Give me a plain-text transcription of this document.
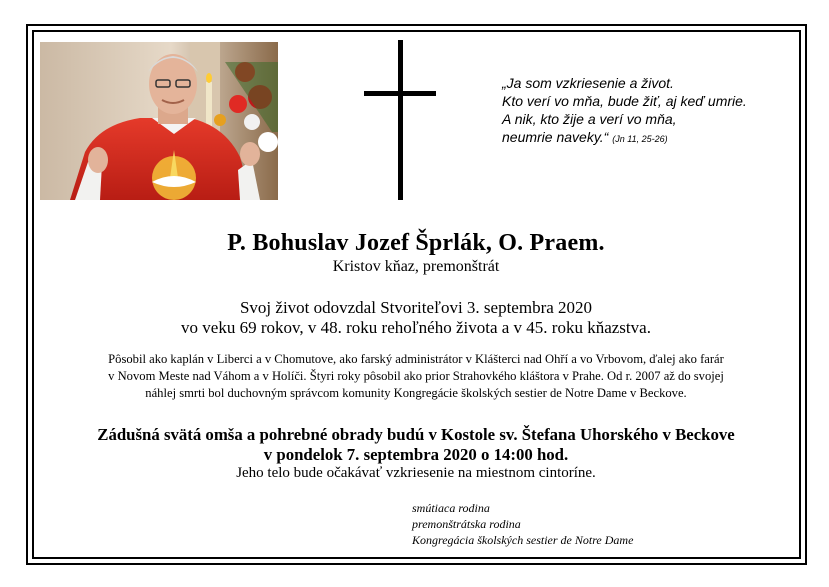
„Ja som vzkriesenie a život.
Kto verí vo mňa, bude žiť, aj keď umrie.
A nik, kto žije a verí vo mňa,
neumrie naveky.“ (Jn 11, 25-26)
P. Bohuslav Jozef Šprlák, O. Praem.
Kristov kňaz, premonštrát
Svoj život odovzdal Stvoriteľovi 3. septembra 2020
vo veku 69 rokov, v 48. roku rehoľného života a v 45. roku kňazstva.
Pôsobil ako kaplán v Liberci a v Chomutove, ako farský administrátor v Klášterci nad Ohří a vo Vrbovom, ďalej ako farár
v Novom Meste nad Váhom a v Holíči. Štyri roky pôsobil ako prior Strahovkého kláštora v Prahe. Od r. 2007 až do svojej
náhlej smrti bol duchovným správcom komunity Kongregácie školských sestier de Notre Dame v Beckove.
Zádušná svätá omša a pohrebné obrady budú v Kostole sv. Štefana Uhorského v Beckove
v pondelok 7. septembra 2020 o 14:00 hod.
Jeho telo bude očakávať vzkriesenie na miestnom cintoríne.
smútiaca rodina
premonštrátska rodina
Kongregácia školských sestier de Notre Dame
